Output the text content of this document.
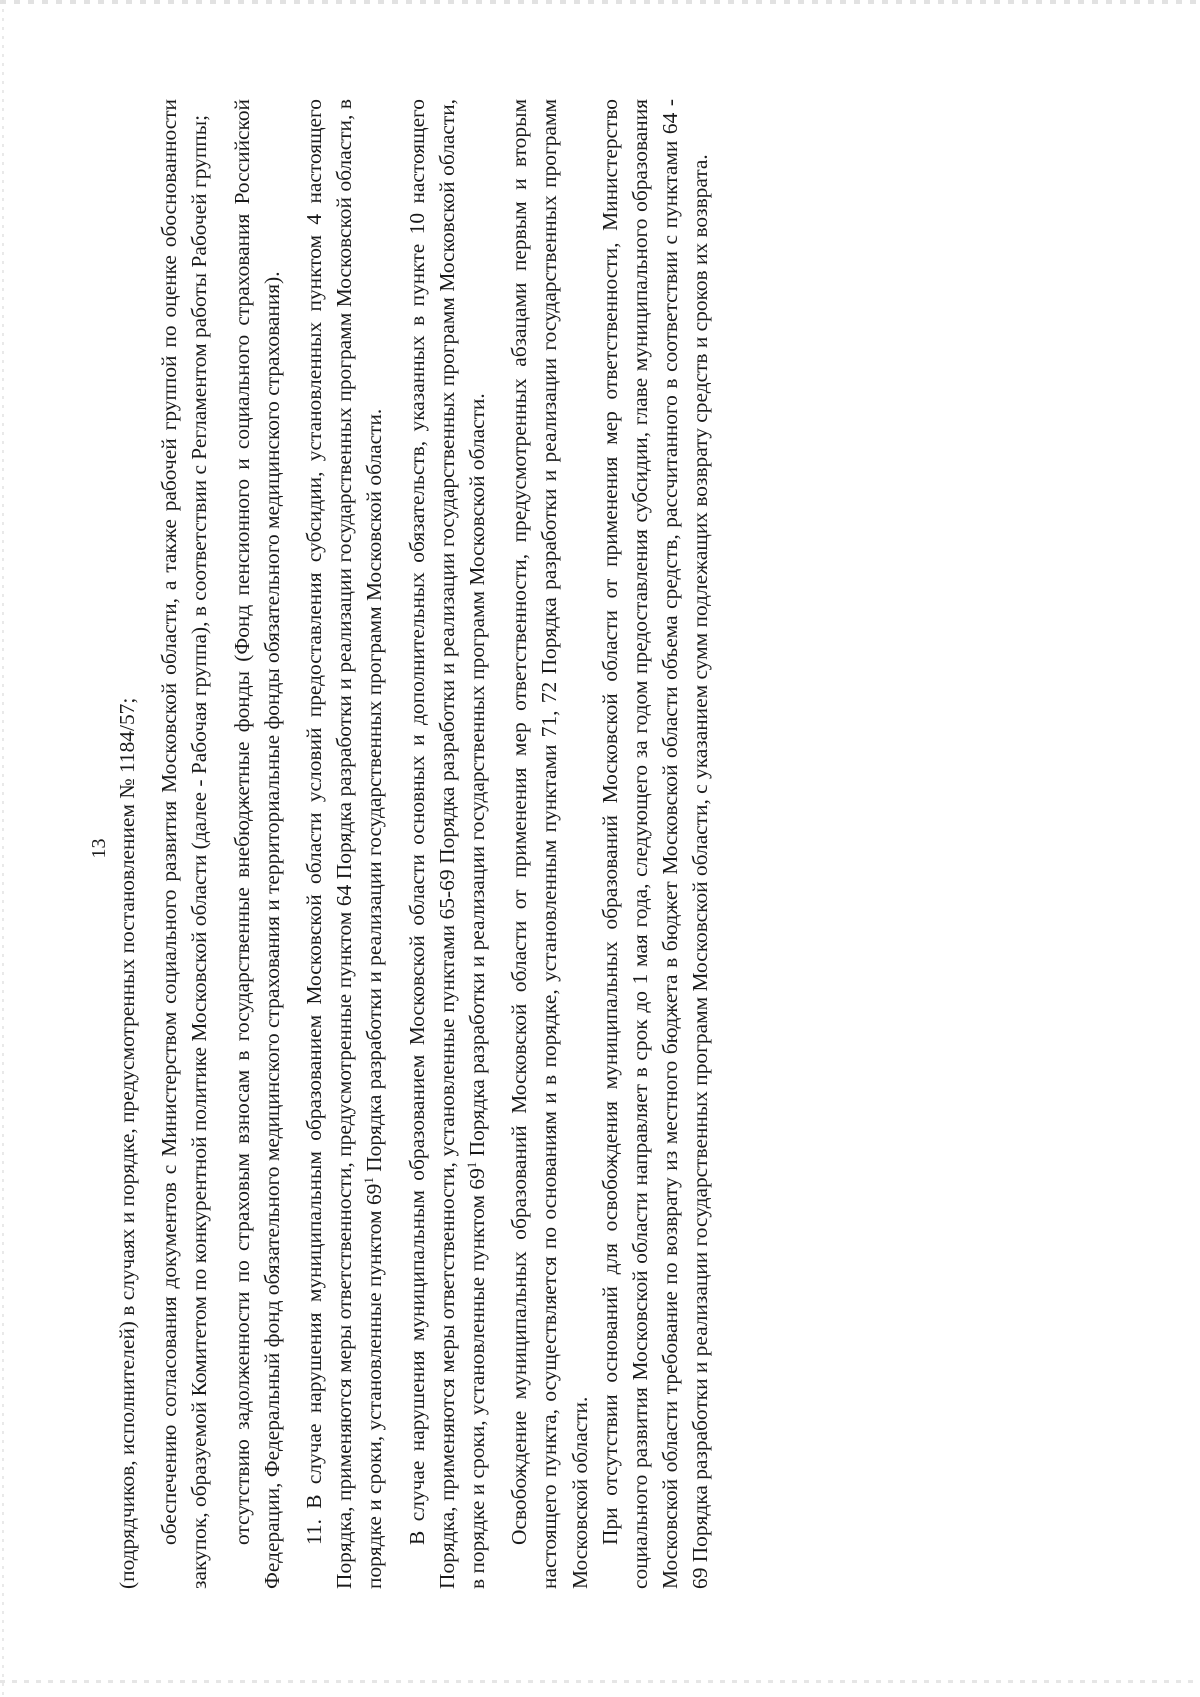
13 (подрядчиков, исполнителей) в случаях и порядке, предусмотренных постановлением № 1184/57; обеспечению согласования документов с Министерством социального развития Московской области, а также рабочей группой по оценке обоснованности закупок, образуемой Комитетом по конкурентной политике Московской области (далее - Рабочая группа), в соответствии с Регламентом работы Рабочей группы; отсутствию задолженности по страховым взносам в государственные внебюджетные фонды (Фонд пенсионного и социального страхования Российской Федерации, Федеральный фонд обязательного медицинского страхования и территориальные фонды обязательного медицинского страхования). 11. В случае нарушения муниципальным образованием Московской области условий предоставления субсидии, установленных пунктом 4 настоящего Порядка, применяются меры ответственности, предусмотренные пунктом 64 Порядка разработки и реализации государственных программ Московской области, в порядке и сроки, установленные пунктом 69$^1$ Порядка разработки и реализации государственных программ Московской области. В случае нарушения муниципальным образованием Московской области основных и дополнительных обязательств, указанных в пункте 10 настоящего Порядка, применяются меры ответственности, установленные пунктами 65-69 Порядка разработки и реализации государственных программ Московской области, в порядке и сроки, установленные пунктом 69$^1$ Порядка разработки и реализации государственных программ Московской области. Освобождение муниципальных образований Московской области от применения мер ответственности, предусмотренных абзацами первым и вторым настоящего пункта, осуществляется по основаниям и в порядке, установленным пунктами 71, 72 Порядка разработки и реализации государственных программ Московской области. При отсутствии оснований для освобождения муниципальных образований Московской области от применения мер ответственности, Министерство социального развития Московской области направляет в срок до 1 мая года, следующего за годом предоставления субсидии, главе муниципального образования Московской области требование по возврату из местного бюджета в бюджет Московской области объема средств, рассчитанного в соответствии с пунктами 64 - 69 Порядка разработки и реализации государственных программ Московской области, с указанием сумм подлежащих возврату средств и сроков их возврата.
